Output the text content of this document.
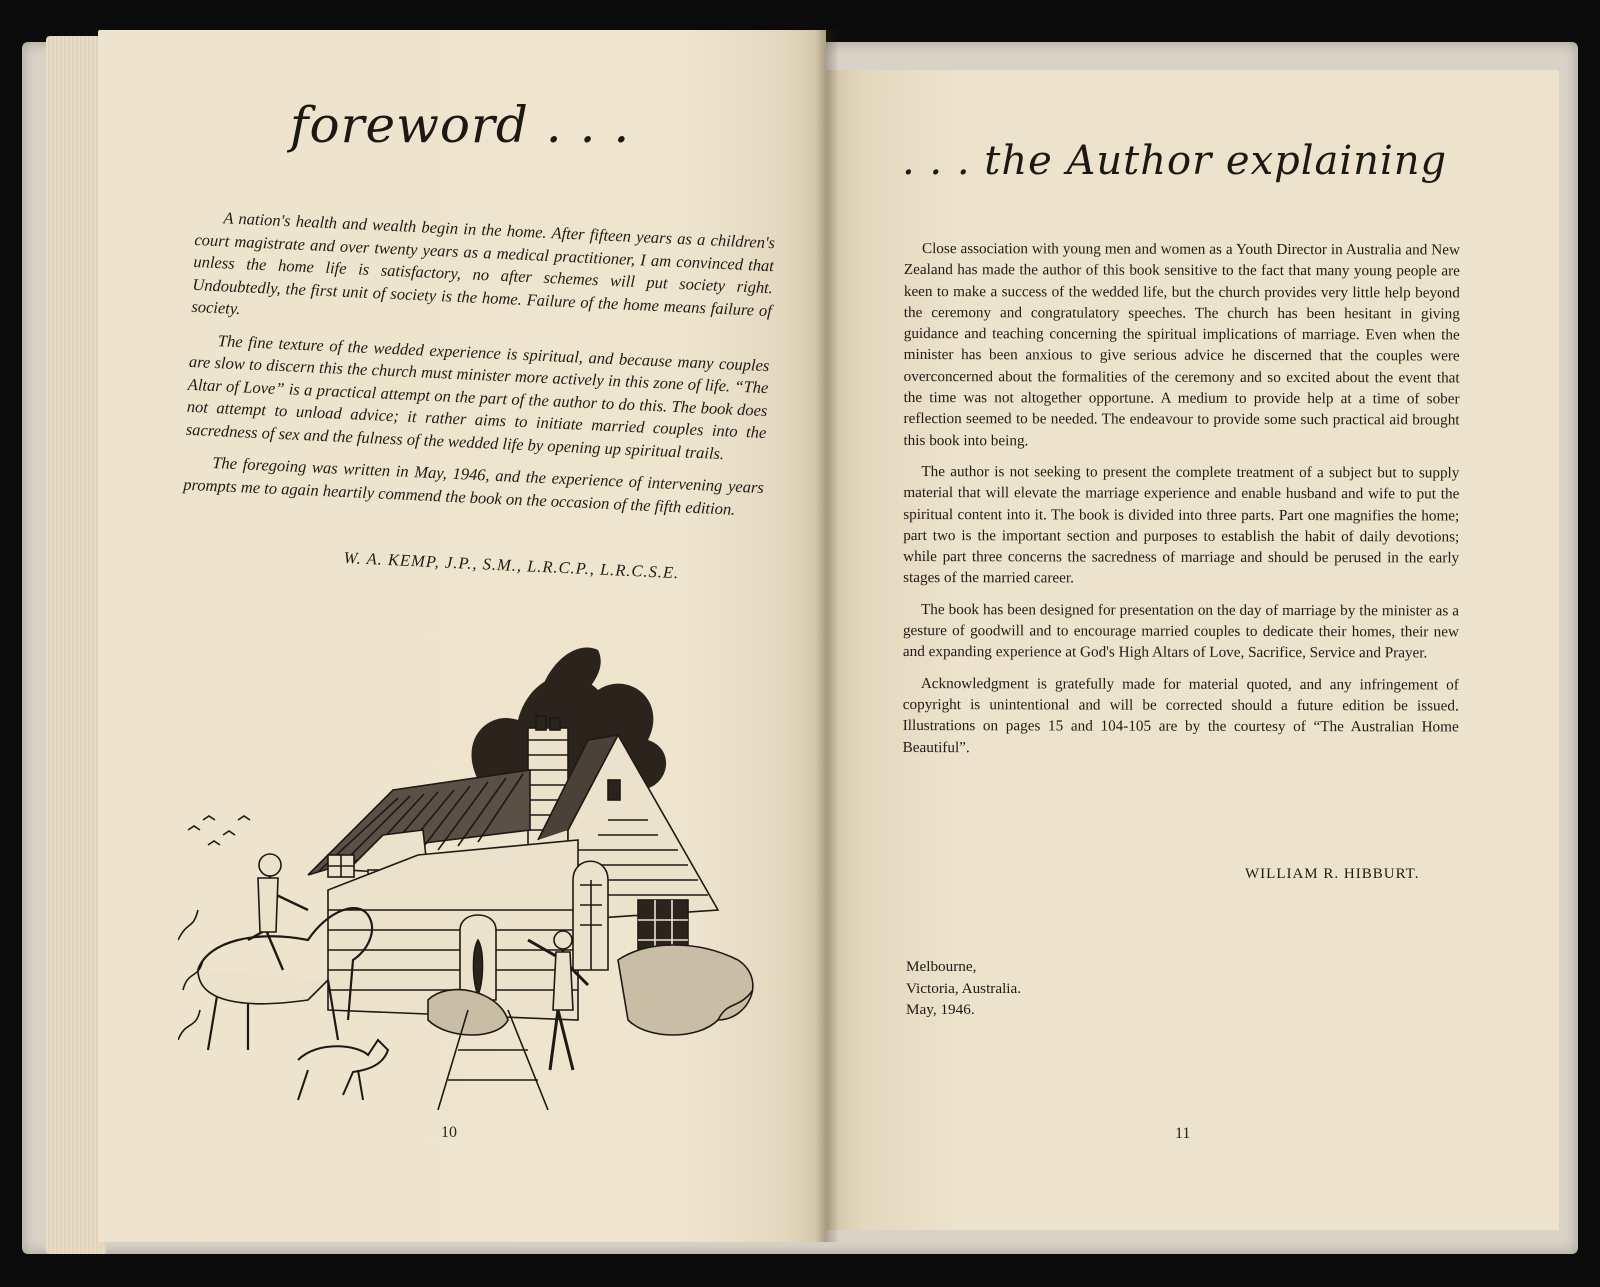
foreword . . .

A nation's health and wealth begin in the home. After fifteen years as a children's court magistrate and over twenty years as a medical practitioner, I am convinced that unless the home life is satisfactory, no after schemes will put society right. Undoubtedly, the first unit of society is the home. Failure of the home means failure of society.

The fine texture of the wedded experience is spiritual, and because many couples are slow to discern this the church must minister more actively in this zone of life. “The Altar of Love” is a practical attempt on the part of the author to do this. The book does not attempt to unload advice; it rather aims to initiate married couples into the sacredness of sex and the fulness of the wedded life by opening up spiritual trails.

The foregoing was written in May, 1946, and the experience of intervening years prompts me to again heartily commend the book on the occasion of the fifth edition.

W. A. KEMP, J.P., S.M., L.R.C.P., L.R.C.S.E.
10
. . . the Author explaining

Close association with young men and women as a Youth Director in Australia and New Zealand has made the author of this book sensitive to the fact that many young people are keen to make a success of the wedded life, but the church provides very little help beyond the ceremony and congratulatory speeches. The church has been hesitant in giving guidance and teaching concerning the spiritual implications of marriage. Even when the minister has been anxious to give serious advice he discerned that the couples were overconcerned about the formalities of the ceremony and so excited about the event that the time was not altogether opportune. A medium to provide help at a time of sober reflection seemed to be needed. The endeavour to provide some such practical aid brought this book into being.

The author is not seeking to present the complete treatment of a subject but to supply material that will elevate the marriage experience and enable husband and wife to put the spiritual content into it. The book is divided into three parts. Part one magnifies the home; part two is the important section and purposes to establish the habit of daily devotions; while part three concerns the sacredness of marriage and should be perused in the early stages of the married career.

The book has been designed for presentation on the day of marriage by the minister as a gesture of goodwill and to encourage married couples to dedicate their homes, their new and expanding experience at God's High Altars of Love, Sacrifice, Service and Prayer.

Acknowledgment is gratefully made for material quoted, and any infringement of copyright is unintentional and will be corrected should a future edition be issued. Illustrations on pages 15 and 104-105 are by the courtesy of “The Australian Home Beautiful”.

WILLIAM R. HIBBURT.
Melbourne,
Victoria, Australia.
May, 1946.
11
